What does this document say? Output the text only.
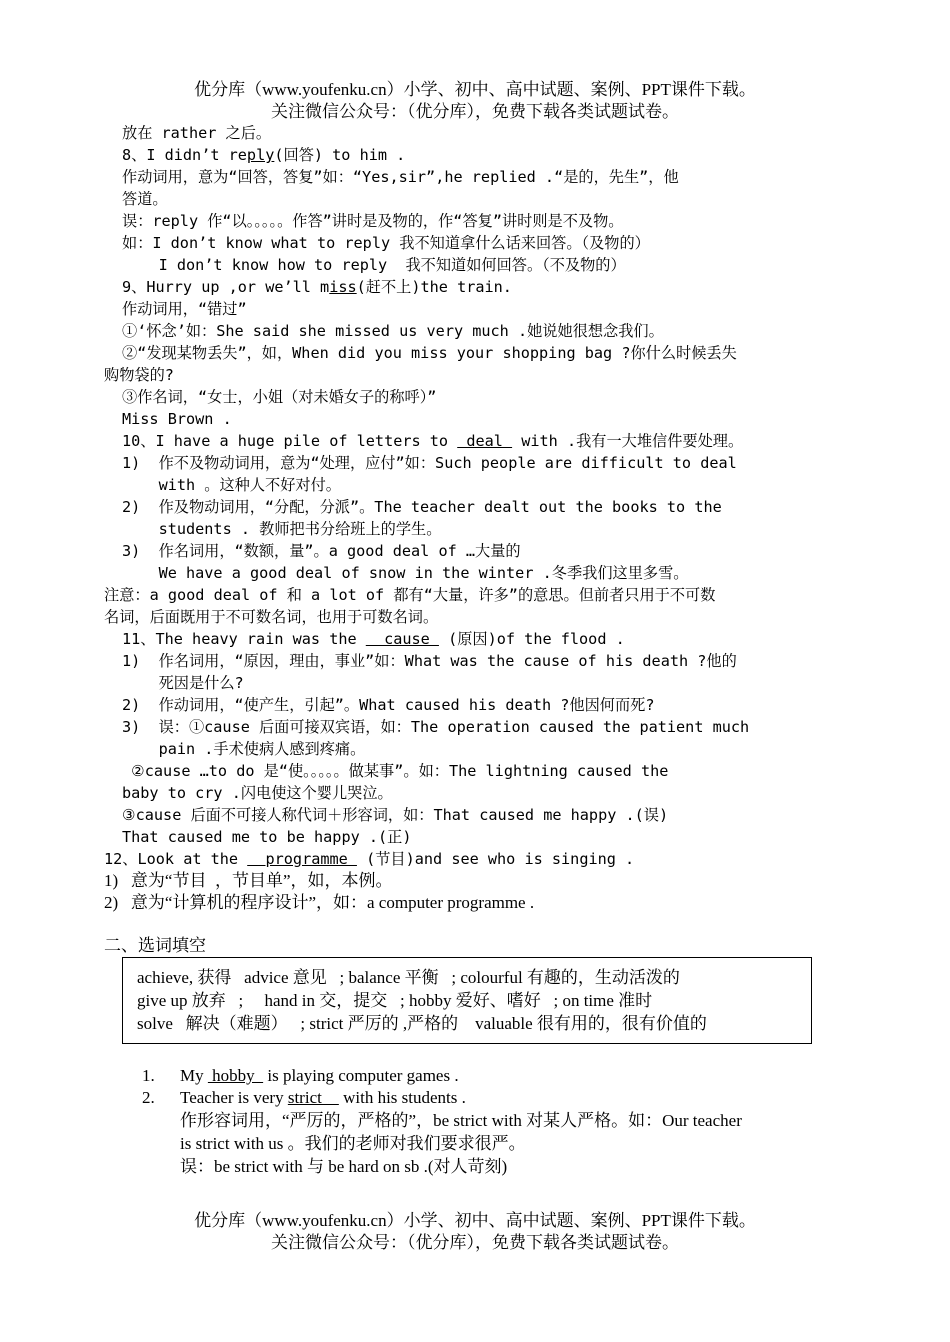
优分库（www.youfenku.cn）小学、初中、高中试题、案例、PPT课件下载。
关注微信公众号：（优分库），免费下载各类试题试卷。
放在 rather 之后。
8、I didn’t reply(回答) to him .
作动词用，意为“回答，答复”如：“Yes,sir”,he replied .“是的，先生”，他
答道。
误：reply 作“以。。。。。作答”讲时是及物的，作“答复”讲时则是不及物。
如：I don’t know what to reply 我不知道拿什么话来回答。（及物的）
I don’t know how to reply  我不知道如何回答。（不及物的）
9、Hurry up ,or we’ll miss(赶不上)the train.
作动词用，“错过”
①‘怀念’如：She said she missed us very much .她说她很想念我们。
②“发现某物丢失”，如，When did you miss your shopping bag ?你什么时候丢失
购物袋的?
③作名词，“女士，小姐（对未婚女子的称呼）”
Miss Brown .
10、I have a huge pile of letters to  deal  with .我有一大堆信件要处理。
1)  作不及物动词用，意为“处理，应付”如：Such people are difficult to deal
with 。这种人不好对付。
2)  作及物动词用，“分配，分派”。The teacher dealt out the books to the
students . 教师把书分给班上的学生。
3)  作名词用，“数额，量”。a good deal of …大量的
We have a good deal of snow in the winter .冬季我们这里多雪。
注意：a good deal of 和 a lot of 都有“大量，许多”的意思。但前者只用于不可数
名词，后面既用于不可数名词，也用于可数名词。
11、The heavy rain was the   cause  (原因)of the flood .
1)  作名词用，“原因，理由，事业”如：What was the cause of his death ?他的
死因是什么?
2)  作动词用，“使产生，引起”。What caused his death ?他因何而死?
3)  误：①cause 后面可接双宾语，如：The operation caused the patient much
pain .手术使病人感到疼痛。
②cause …to do 是“使。。。。。做某事”。如：The lightning caused the
baby to cry .闪电使这个婴儿哭泣。
③cause 后面不可接人称代词＋形容词，如：That caused me happy .(误)
That caused me to be happy .(正)
12、Look at the   programme  (节目)and see who is singing .
1)   意为“节目  ，节目单”，如，本例。
2)   意为“计算机的程序设计”，如：a computer programme .
二、选词填空
achieve, 获得   advice 意见   ; balance 平衡   ; colourful 有趣的，生动活泼的
give up 放弃   ;     hand in 交，提交   ; hobby 爱好、嗜好   ; on time 准时
solve   解决（难题）   ; strict 严厉的 ,严格的    valuable 很有用的，很有价值的
1. My  hobby   is playing computer games .
2. Teacher is very strict     with his students .
作形容词用，“严厉的，严格的”，be strict with 对某人严格。如：Our teacher
is strict with us 。我们的老师对我们要求很严。
误：be strict with 与 be hard on sb .(对人苛刻)
优分库（www.youfenku.cn）小学、初中、高中试题、案例、PPT课件下载。
关注微信公众号：（优分库），免费下载各类试题试卷。
